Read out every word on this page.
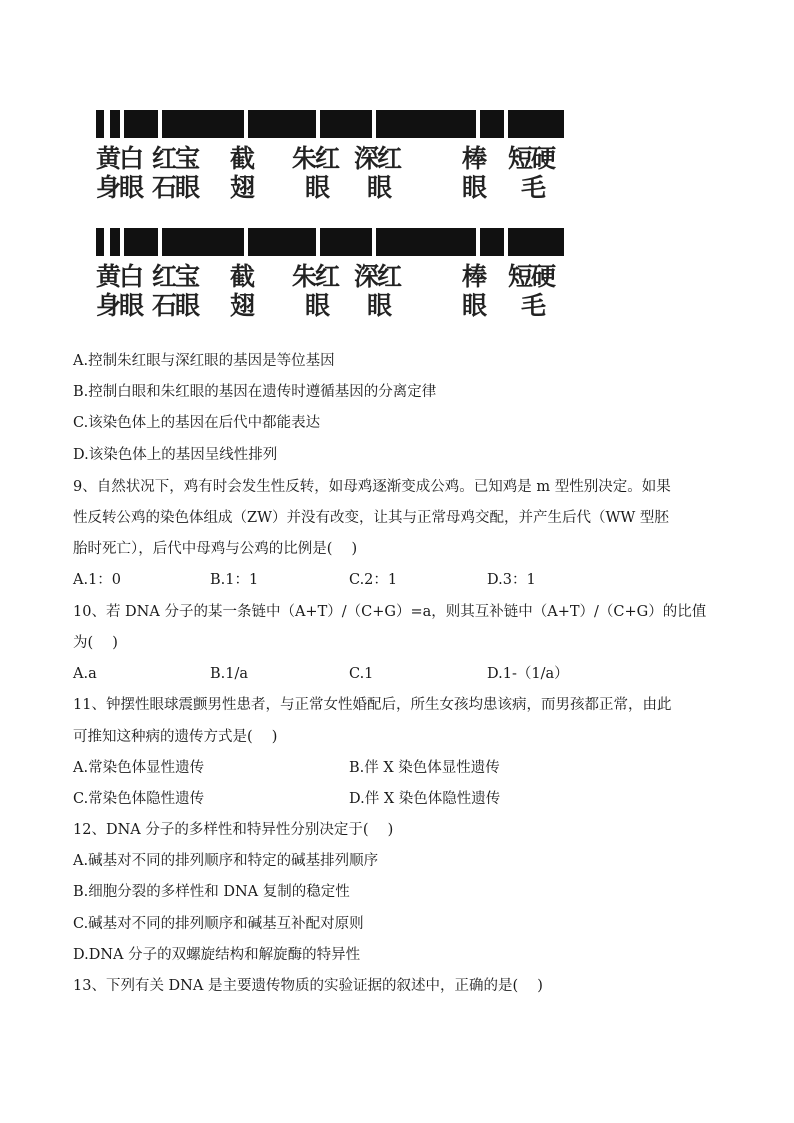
黄白
身眼
红宝
石眼
截
翅
朱红
眼
深红
眼
棒
眼
短硬
毛
黄白
身眼
红宝
石眼
截
翅
朱红
眼
深红
眼
棒
眼
短硬
毛
A.控制朱红眼与深红眼的基因是等位基因
B.控制白眼和朱红眼的基因在遗传时遵循基因的分离定律
C.该染色体上的基因在后代中都能表达
D.该染色体上的基因呈线性排列
9、自然状况下，鸡有时会发生性反转，如母鸡逐渐变成公鸡。已知鸡是 m 型性别决定。如果
性反转公鸡的染色体组成（ZW）并没有改变，让其与正常母鸡交配，并产生后代（WW 型胚
胎时死亡），后代中母鸡与公鸡的比例是(　 )
A.1：0	B.1：1	C.2：1	D.3：1
10、若 DNA 分子的某一条链中（A+T）/（C+G）=a，则其互补链中（A+T）/（C+G）的比值
为(　 )
A.a	B.1/a	C.1	D.1-（1/a）
11、钟摆性眼球震颤男性患者，与正常女性婚配后，所生女孩均患该病，而男孩都正常，由此
可推知这种病的遗传方式是(　 )
A.常染色体显性遗传	B.伴 X 染色体显性遗传
C.常染色体隐性遗传	D.伴 X 染色体隐性遗传
12、DNA 分子的多样性和特异性分别决定于(　 )
A.碱基对不同的排列顺序和特定的碱基排列顺序
B.细胞分裂的多样性和 DNA 复制的稳定性
C.碱基对不同的排列顺序和碱基互补配对原则
D.DNA 分子的双螺旋结构和解旋酶的特异性
13、下列有关 DNA 是主要遗传物质的实验证据的叙述中，正确的是(　 )
